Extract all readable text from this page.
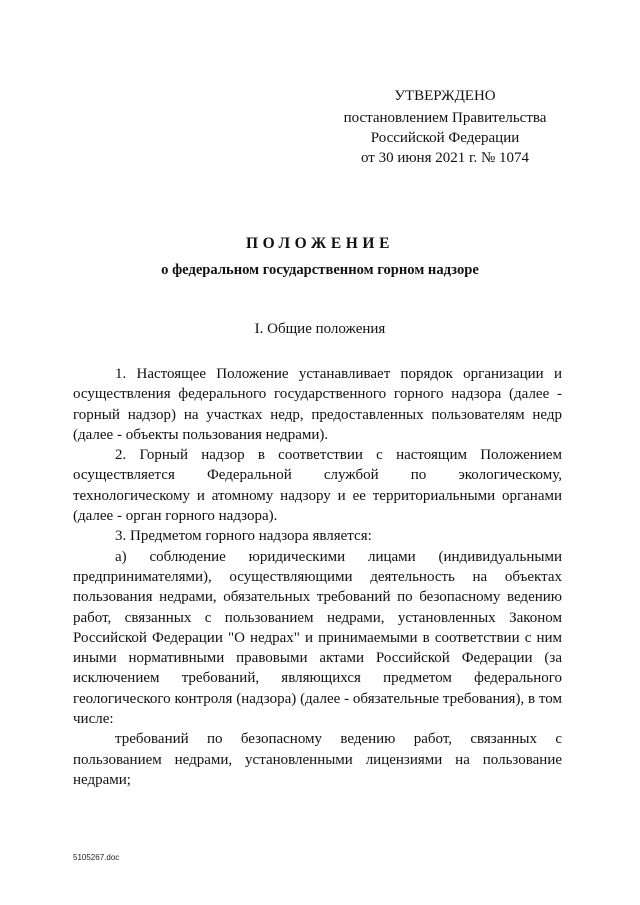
УТВЕРЖДЕНО
постановлением Правительства
Российской Федерации
от 30 июня 2021 г. № 1074
ПОЛОЖЕНИЕ
о федеральном государственном горном надзоре
I. Общие положения

1. Настоящее Положение устанавливает порядок организации и осуществления федерального государственного горного надзора (далее - горный надзор) на участках недр, предоставленных пользователям недр (далее - объекты пользования недрами).

2. Горный надзор в соответствии с настоящим Положением осуществляется Федеральной службой по экологическому, технологическому и атомному надзору и ее территориальными органами (далее - орган горного надзора).

3. Предметом горного надзора является:

а) соблюдение юридическими лицами (индивидуальными предпринимателями), осуществляющими деятельность на объектах пользования недрами, обязательных требований по безопасному ведению работ, связанных с пользованием недрами, установленных Законом Российской Федерации "О недрах" и принимаемыми в соответствии с ним иными нормативными правовыми актами Российской Федерации (за исключением требований, являющихся предметом федерального геологического контроля (надзора) (далее - обязательные требования), в том числе:

требований по безопасному ведению работ, связанных с пользованием недрами, установленными лицензиями на пользование недрами;

5105267.doc
